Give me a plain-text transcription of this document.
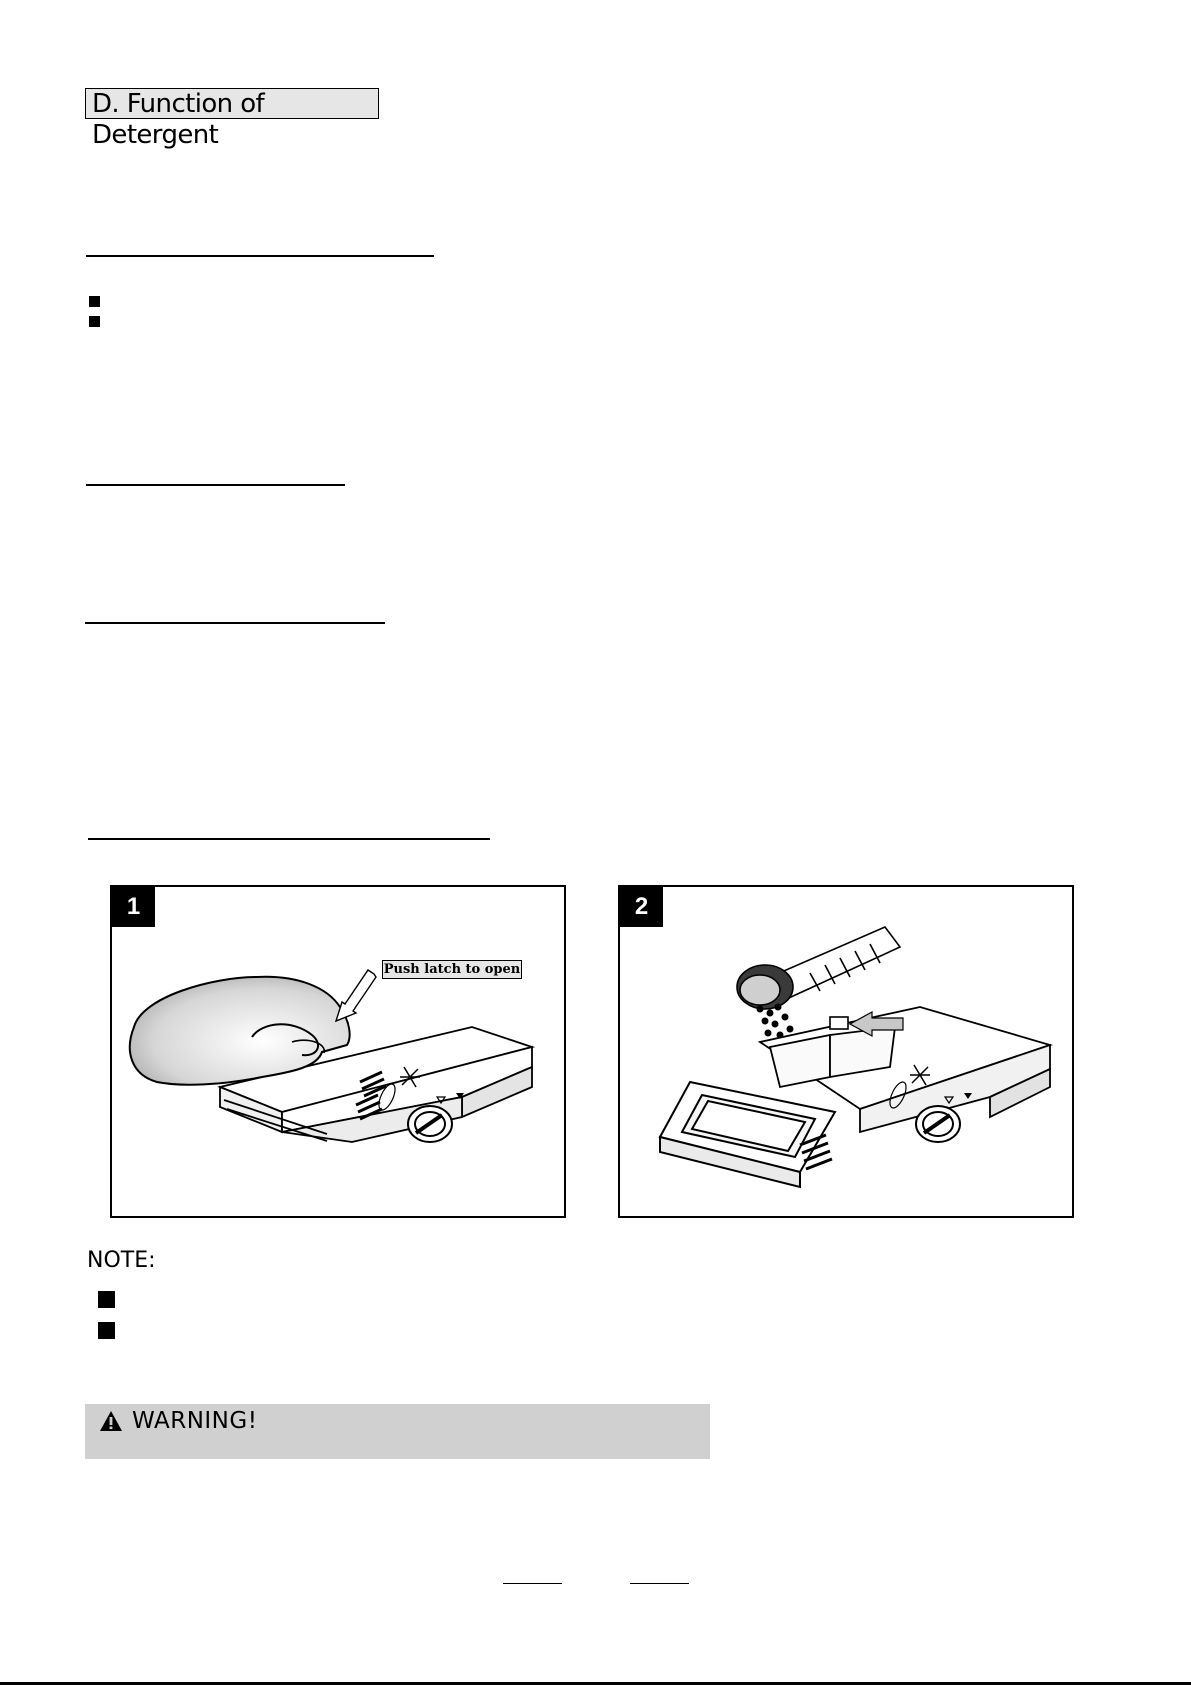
D. Function of Detergent
1
Push latch to open
2
NOTE:
WARNING!
